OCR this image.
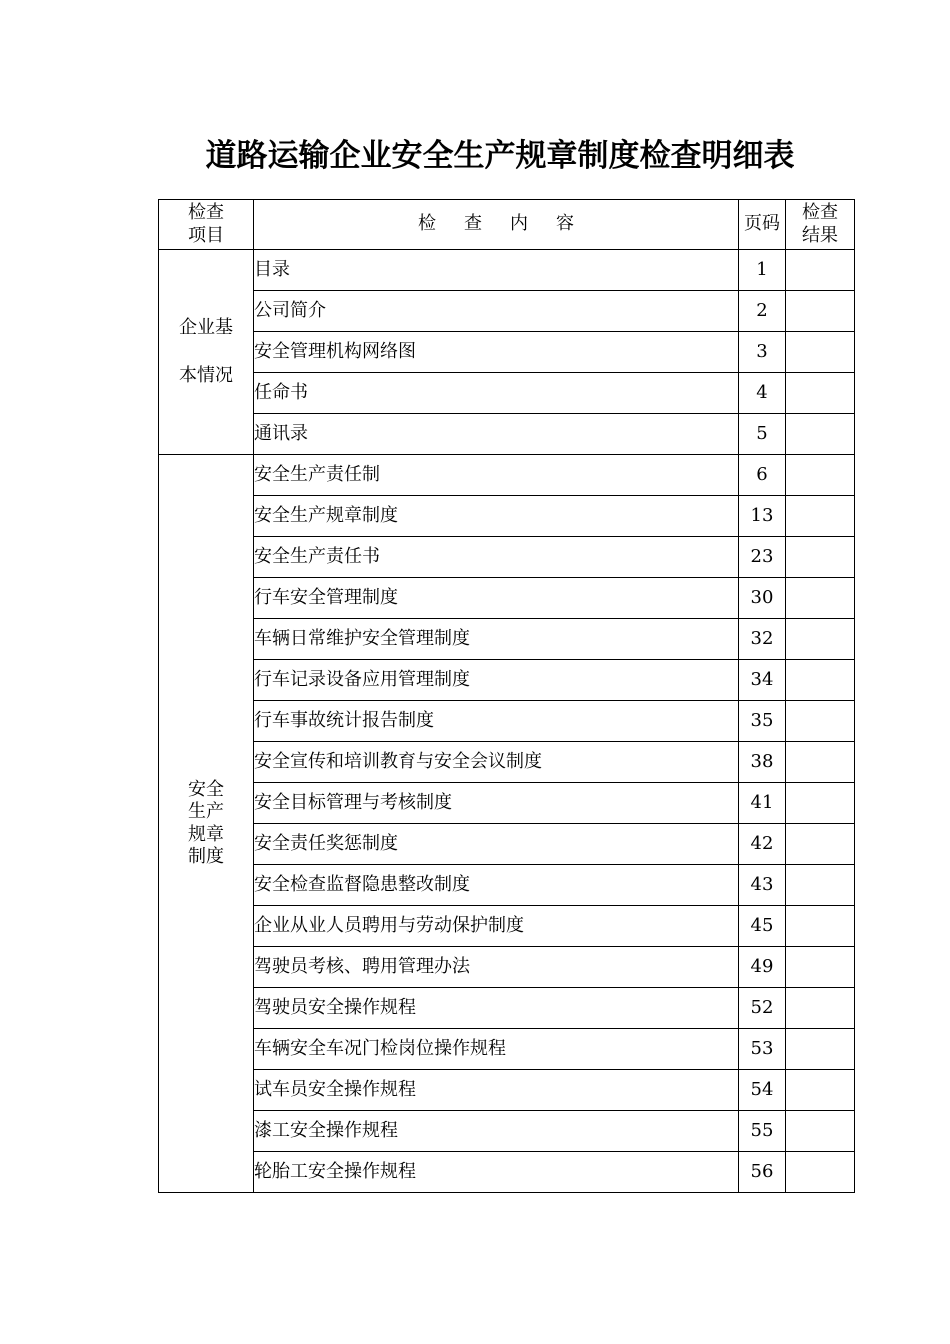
道路运输企业安全生产规章制度检查明细表
检查
项目	检查内容	页码	检查
结果

企业基
本情况	目录	1	
	公司简介	2	
	安全管理机构网络图	3	
	任命书	4	
	通讯录	5	

安全
生产
规章
制度	安全生产责任制	6	
	安全生产规章制度	13	
	安全生产责任书	23	
	行车安全管理制度	30	
	车辆日常维护安全管理制度	32	
	行车记录设备应用管理制度	34	
	行车事故统计报告制度	35	
	安全宣传和培训教育与安全会议制度	38	
	安全目标管理与考核制度	41	
	安全责任奖惩制度	42	
	安全检查监督隐患整改制度	43	
	企业从业人员聘用与劳动保护制度	45	
	驾驶员考核、聘用管理办法	49	
	驾驶员安全操作规程	52	
	车辆安全车况门检岗位操作规程	53	
	试车员安全操作规程	54	
	漆工安全操作规程	55	
	轮胎工安全操作规程	56	
